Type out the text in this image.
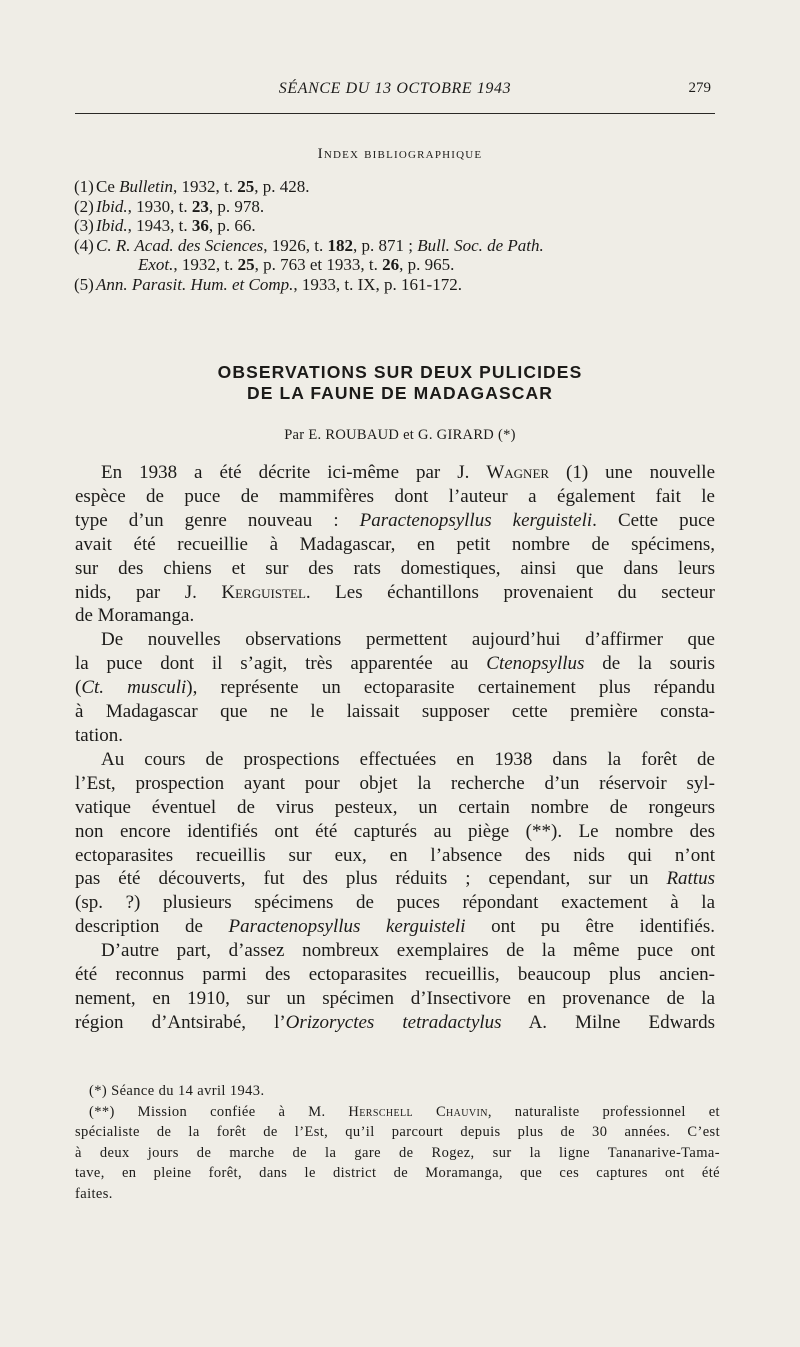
SÉANCE DU 13 OCTOBRE 1943	279
Index bibliographique
(1) Ce Bulletin, 1932, t. 25, p. 428.
(2) Ibid., 1930, t. 23, p. 978.
(3) Ibid., 1943, t. 36, p. 66.
(4) C. R. Acad. des Sciences, 1926, t. 182, p. 871 ; Bull. Soc. de Path.
Exot., 1932, t. 25, p. 763 et 1933, t. 26, p. 965.
(5) Ann. Parasit. Hum. et Comp., 1933, t. IX, p. 161-172.
OBSERVATIONS SUR DEUX PULICIDES
DE LA FAUNE DE MADAGASCAR
Par E. ROUBAUD et G. GIRARD (*)
En 1938 a été décrite ici-même par J. Wagner (1) une nouvelle
espèce de puce de mammifères dont l’auteur a également fait le
type d’un genre nouveau : Paractenopsyllus kerguisteli. Cette puce
avait été recueillie à Madagascar, en petit nombre de spécimens,
sur des chiens et sur des rats domestiques, ainsi que dans leurs
nids, par J. Kerguistel. Les échantillons provenaient du secteur
de Moramanga.
De nouvelles observations permettent aujourd’hui d’affirmer que
la puce dont il s’agit, très apparentée au Ctenopsyllus de la souris
(Ct. musculi), représente un ectoparasite certainement plus répandu
à Madagascar que ne le laissait supposer cette première consta-
tation.
Au cours de prospections effectuées en 1938 dans la forêt de
l’Est, prospection ayant pour objet la recherche d’un réservoir syl-
vatique éventuel de virus pesteux, un certain nombre de rongeurs
non encore identifiés ont été capturés au piège (**). Le nombre des
ectoparasites recueillis sur eux, en l’absence des nids qui n’ont
pas été découverts, fut des plus réduits ; cependant, sur un Rattus
(sp. ?) plusieurs spécimens de puces répondant exactement à la
description de Paractenopsyllus kerguisteli ont pu être identifiés.
D’autre part, d’assez nombreux exemplaires de la même puce ont
été reconnus parmi des ectoparasites recueillis, beaucoup plus ancien-
nement, en 1910, sur un spécimen d’Insectivore en provenance de la
région d’Antsirabé, l’Orizoryctes tetradactylus A. Milne Edwards
(*) Séance du 14 avril 1943.
(**) Mission confiée à M. Herschell Chauvin, naturaliste professionnel et
spécialiste de la forêt de l’Est, qu’il parcourt depuis plus de 30 années. C’est
à deux jours de marche de la gare de Rogez, sur la ligne Tananarive-Tama-
tave, en pleine forêt, dans le district de Moramanga, que ces captures ont été
faites.
